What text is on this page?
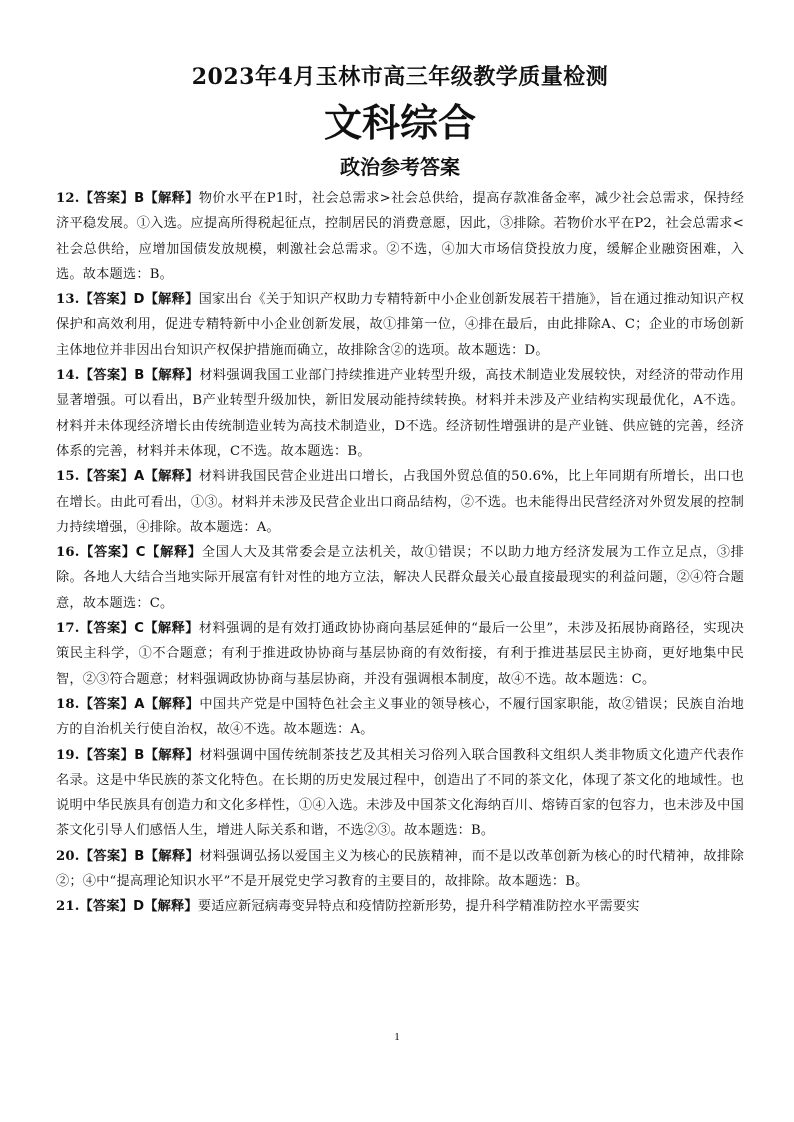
2023年4月玉林市高三年级教学质量检测
文科综合
政治参考答案

12.【答案】B【解释】物价水平在P1时，社会总需求>社会总供给，提高存款准备金率，减少社会总需求，保持经济平稳发展。①入选。应提高所得税起征点，控制居民的消费意愿，因此，③排除。若物价水平在P2，社会总需求<社会总供给，应增加国债发放规模，刺激社会总需求。②不选，④加大市场信贷投放力度，缓解企业融资困难，入选。故本题选：B。

13.【答案】D【解释】国家出台《关于知识产权助力专精特新中小企业创新发展若干措施》，旨在通过推动知识产权保护和高效利用，促进专精特新中小企业创新发展，故①排第一位，④排在最后，由此排除A、C；企业的市场创新主体地位并非因出台知识产权保护措施而确立，故排除含②的选项。故本题选：D。

14.【答案】B【解释】材料强调我国工业部门持续推进产业转型升级，高技术制造业发展较快，对经济的带动作用显著增强。可以看出，B产业转型升级加快，新旧发展动能持续转换。材料并未涉及产业结构实现最优化，A不选。材料并未体现经济增长由传统制造业转为高技术制造业，D不选。经济韧性增强讲的是产业链、供应链的完善，经济体系的完善，材料并未体现，C不选。故本题选：B。

15.【答案】A【解释】材料讲我国民营企业进出口增长，占我国外贸总值的50.6%，比上年同期有所增长，出口也在增长。由此可看出，①③。材料并未涉及民营企业出口商品结构，②不选。也未能得出民营经济对外贸发展的控制力持续增强，④排除。故本题选：A。

16.【答案】C【解释】全国人大及其常委会是立法机关，故①错误；不以助力地方经济发展为工作立足点，③排除。各地人大结合当地实际开展富有针对性的地方立法，解决人民群众最关心最直接最现实的利益问题，②④符合题意，故本题选：C。

17.【答案】C【解释】材料强调的是有效打通政协协商向基层延伸的“最后一公里”，未涉及拓展协商路径，实现决策民主科学，①不合题意；有利于推进政协协商与基层协商的有效衔接，有利于推进基层民主协商，更好地集中民智，②③符合题意；材料强调政协协商与基层协商，并没有强调根本制度，故④不选。故本题选：C。

18.【答案】A【解释】中国共产党是中国特色社会主义事业的领导核心，不履行国家职能，故②错误；民族自治地方的自治机关行使自治权，故④不选。故本题选：A。

19.【答案】B【解释】材料强调中国传统制茶技艺及其相关习俗列入联合国教科文组织人类非物质文化遗产代表作名录。这是中华民族的茶文化特色。在长期的历史发展过程中，创造出了不同的茶文化，体现了茶文化的地域性。也说明中华民族具有创造力和文化多样性，①④入选。未涉及中国茶文化海纳百川、熔铸百家的包容力，也未涉及中国茶文化引导人们感悟人生，增进人际关系和谐，不选②③。故本题选：B。

20.【答案】B【解释】材料强调弘扬以爱国主义为核心的民族精神，而不是以改革创新为核心的时代精神，故排除②；④中“提高理论知识水平”不是开展党史学习教育的主要目的，故排除。故本题选：B。

21.【答案】D【解释】要适应新冠病毒变异特点和疫情防控新形势，提升科学精准防控水平需要实

1
